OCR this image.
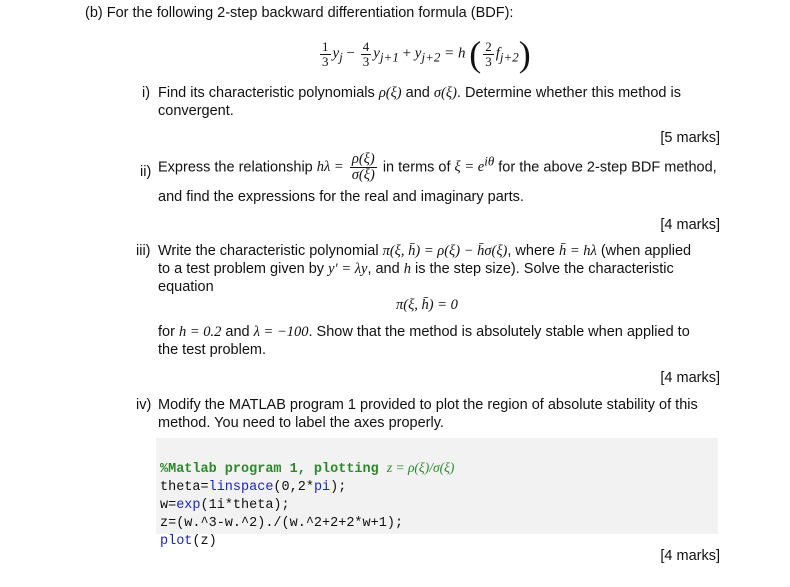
(b) For the following 2-step backward differentiation formula (BDF):
$\frac{1}{3} y_j - \frac{4}{3} y_{j+1} + y_{j+2} = h$ ( $\frac{2}{3} f_{j+2}$)
i) Find its characteristic polynomials ρ(ξ) and σ(ξ). Determine whether this method is
convergent.
[5 marks]
ii) Express the relationship $h\lambda = \frac{\rho(\xi)}{\sigma(\xi)}$ in terms of $\xi = e^{i\theta}$ for the above 2-step BDF method,
and find the expressions for the real and imaginary parts.
[4 marks]
iii) Write the characteristic polynomial π(ξ, h̄) = ρ(ξ) − h̄σ(ξ), where h̄ = hλ (when applied
to a test problem given by y′ = λy, and h is the step size). Solve the characteristic
equation
π(ξ, h̄) = 0
for h = 0.2 and λ = −100. Show that the method is absolutely stable when applied to
the test problem.
[4 marks]
iv) Modify the MATLAB program 1 provided to plot the region of absolute stability of this
method. You need to label the axes properly.

%Matlab program 1, plotting z = ρ(ξ)/σ(ξ)
theta=linspace(0,2*pi);
w=exp(1i*theta);
z=(w.^3-w.^2)./(w.^2+2+2*w+1);
plot(z)

[4 marks]
